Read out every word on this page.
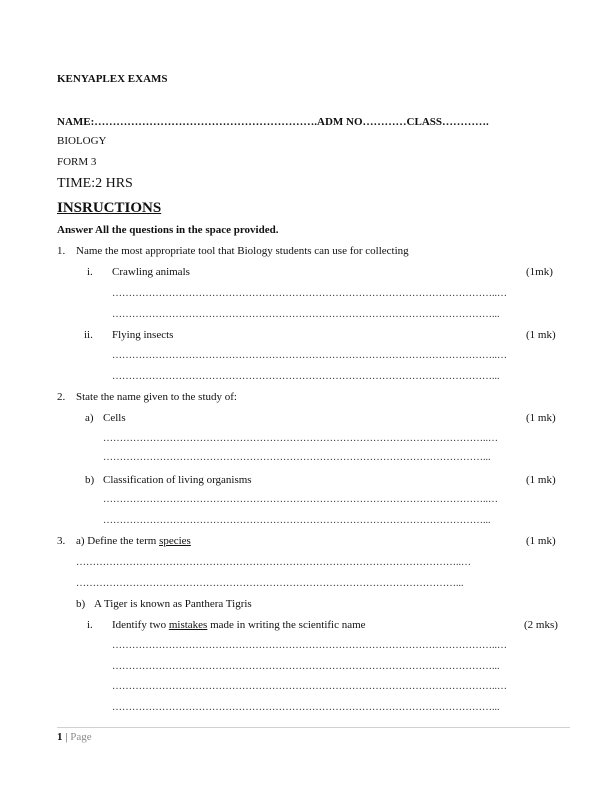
KENYAPLEX EXAMS
NAME:…………………………………………………….ADM NO…………CLASS………….
BIOLOGY
FORM 3
TIME:2 HRS
INSRUCTIONS
Answer All the questions in the space provided.
1. Name the most appropriate tool that Biology students can use for collecting
i. Crawling animals	(1mk)
……………………………………………………………………………………………………..…
……………………………………………………………………………………………………...
ii. Flying insects	(1 mk)
……………………………………………………………………………………………………..…
……………………………………………………………………………………………………...
2. State the name given to the study of:
a) Cells	(1 mk)
……………………………………………………………………………………………………..…
……………………………………………………………………………………………………...
b) Classification of living organisms	(1 mk)
……………………………………………………………………………………………………..…
……………………………………………………………………………………………………...
3. a) Define the term species	(1 mk)
……………………………………………………………………………………………………..…
……………………………………………………………………………………………………...
b) A Tiger is known as Panthera Tigris
i. Identify two mistakes made in writing the scientific name	(2 mks)
……………………………………………………………………………………………………..…
……………………………………………………………………………………………………...
……………………………………………………………………………………………………..…
……………………………………………………………………………………………………...
1 | Page
